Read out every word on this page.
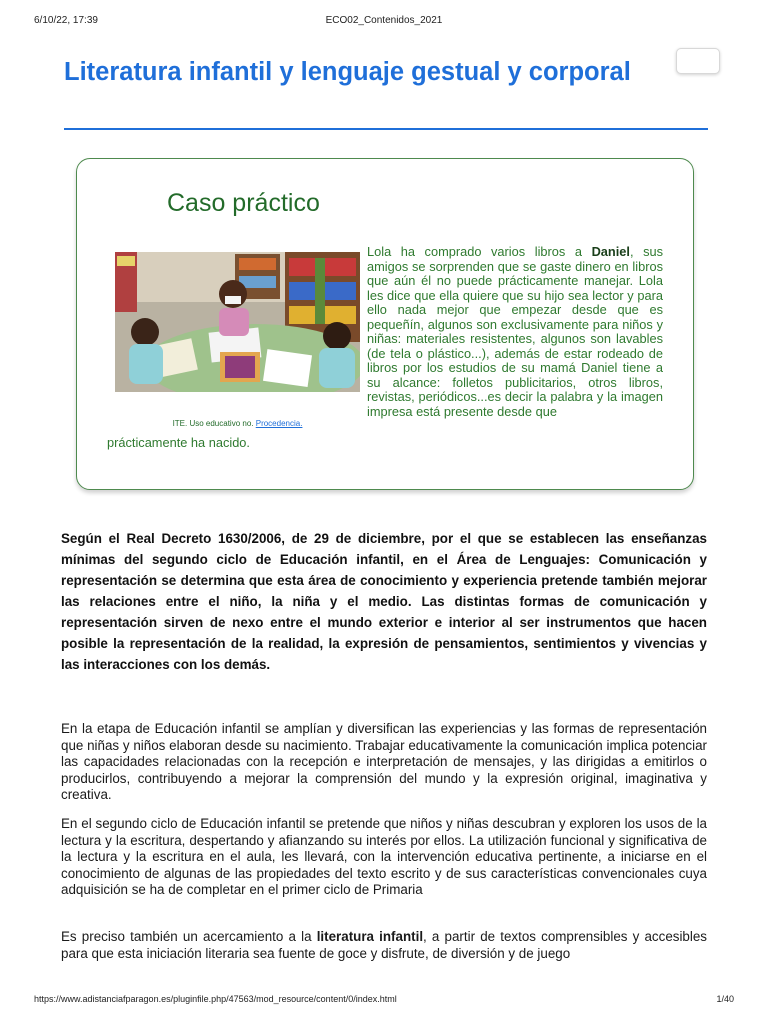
6/10/22, 17:39	ECO02_Contenidos_2021
Literatura infantil y lenguaje gestual y corporal
Caso práctico
ITE. Uso educativo no. Procedencia.

Lola ha comprado varios libros a Daniel, sus amigos se sorprenden que se gaste dinero en libros que aún él no puede prácticamente manejar. Lola les dice que ella quiere que su hijo sea lector y para ello nada mejor que empezar desde que es pequeñín, algunos son exclusivamente para niños y niñas: materiales resistentes, algunos son lavables (de tela o plástico...), además de estar rodeado de libros por los estudios de su mamá Daniel tiene a su alcance: folletos publicitarios, otros libros, revistas, periódicos...es decir la palabra y la imagen impresa está presente desde que

prácticamente ha nacido.

Según el Real Decreto 1630/2006, de 29 de diciembre, por el que se establecen las enseñanzas mínimas del segundo ciclo de Educación infantil, en el Área de Lenguajes: Comunicación y representación se determina que esta área de conocimiento y experiencia pretende también mejorar las relaciones entre el niño, la niña y el medio. Las distintas formas de comunicación y representación sirven de nexo entre el mundo exterior e interior al ser instrumentos que hacen posible la representación de la realidad, la expresión de pensamientos, sentimientos y vivencias y las interacciones con los demás.

En la etapa de Educación infantil se amplían y diversifican las experiencias y las formas de representación que niñas y niños elaboran desde su nacimiento. Trabajar educativamente la comunicación implica potenciar las capacidades relacionadas con la recepción e interpretación de mensajes, y las dirigidas a emitirlos o producirlos, contribuyendo a mejorar la comprensión del mundo y la expresión original, imaginativa y creativa.

En el segundo ciclo de Educación infantil se pretende que niños y niñas descubran y exploren los usos de la lectura y la escritura, despertando y afianzando su interés por ellos. La utilización funcional y significativa de la lectura y la escritura en el aula, les llevará, con la intervención educativa pertinente, a iniciarse en el conocimiento de algunas de las propiedades del texto escrito y de sus características convencionales cuya adquisición se ha de completar en el primer ciclo de Primaria

Es preciso también un acercamiento a la literatura infantil, a partir de textos comprensibles y accesibles para que esta iniciación literaria sea fuente de goce y disfrute, de diversión y de juego

https://www.adistanciafparagon.es/pluginfile.php/47563/mod_resource/content/0/index.html	1/40
